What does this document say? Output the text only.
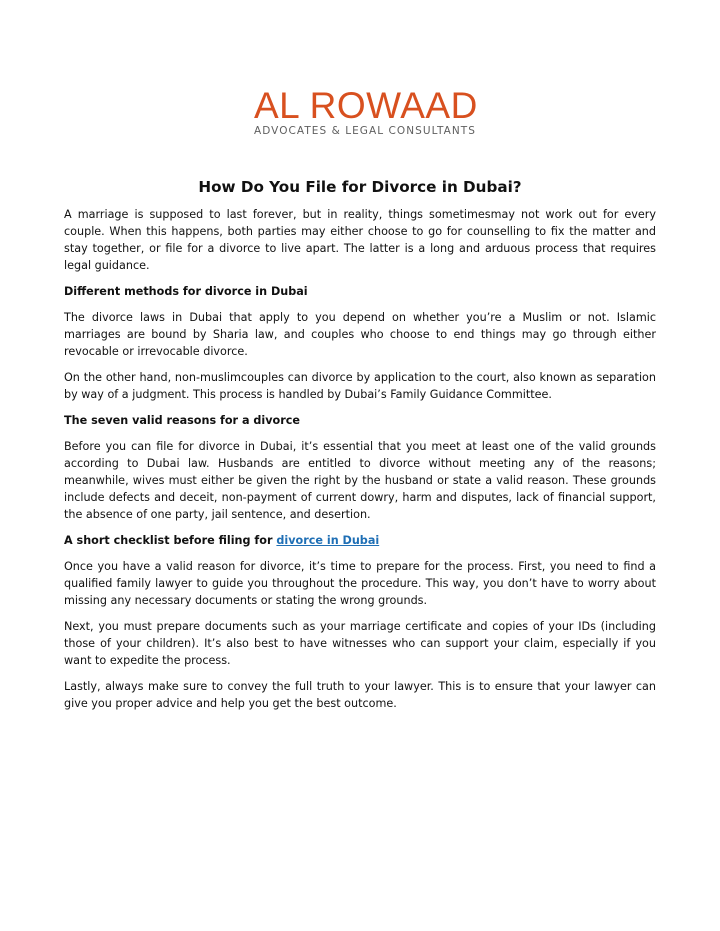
AL ROWAAD
ADVOCATES & LEGAL CONSULTANTS
How Do You File for Divorce in Dubai?

A marriage is supposed to last forever, but in reality, things sometimesmay not work out for every couple. When this happens, both parties may either choose to go for counselling to fix the matter and stay together, or file for a divorce to live apart. The latter is a long and arduous process that requires legal guidance.

Different methods for divorce in Dubai

The divorce laws in Dubai that apply to you depend on whether you’re a Muslim or not. Islamic marriages are bound by Sharia law, and couples who choose to end things may go through either revocable or irrevocable divorce.

On the other hand, non-muslimcouples can divorce by application to the court, also known as separation by way of a judgment. This process is handled by Dubai’s Family Guidance Committee.

The seven valid reasons for a divorce

Before you can file for divorce in Dubai, it’s essential that you meet at least one of the valid grounds according to Dubai law. Husbands are entitled to divorce without meeting any of the reasons; meanwhile, wives must either be given the right by the husband or state a valid reason. These grounds include defects and deceit, non-payment of current dowry, harm and disputes, lack of financial support, the absence of one party, jail sentence, and desertion.

A short checklist before filing for divorce in Dubai

Once you have a valid reason for divorce, it’s time to prepare for the process. First, you need to find a qualified family lawyer to guide you throughout the procedure. This way, you don’t have to worry about missing any necessary documents or stating the wrong grounds.

Next, you must prepare documents such as your marriage certificate and copies of your IDs (including those of your children). It’s also best to have witnesses who can support your claim, especially if you want to expedite the process.

Lastly, always make sure to convey the full truth to your lawyer. This is to ensure that your lawyer can give you proper advice and help you get the best outcome.
